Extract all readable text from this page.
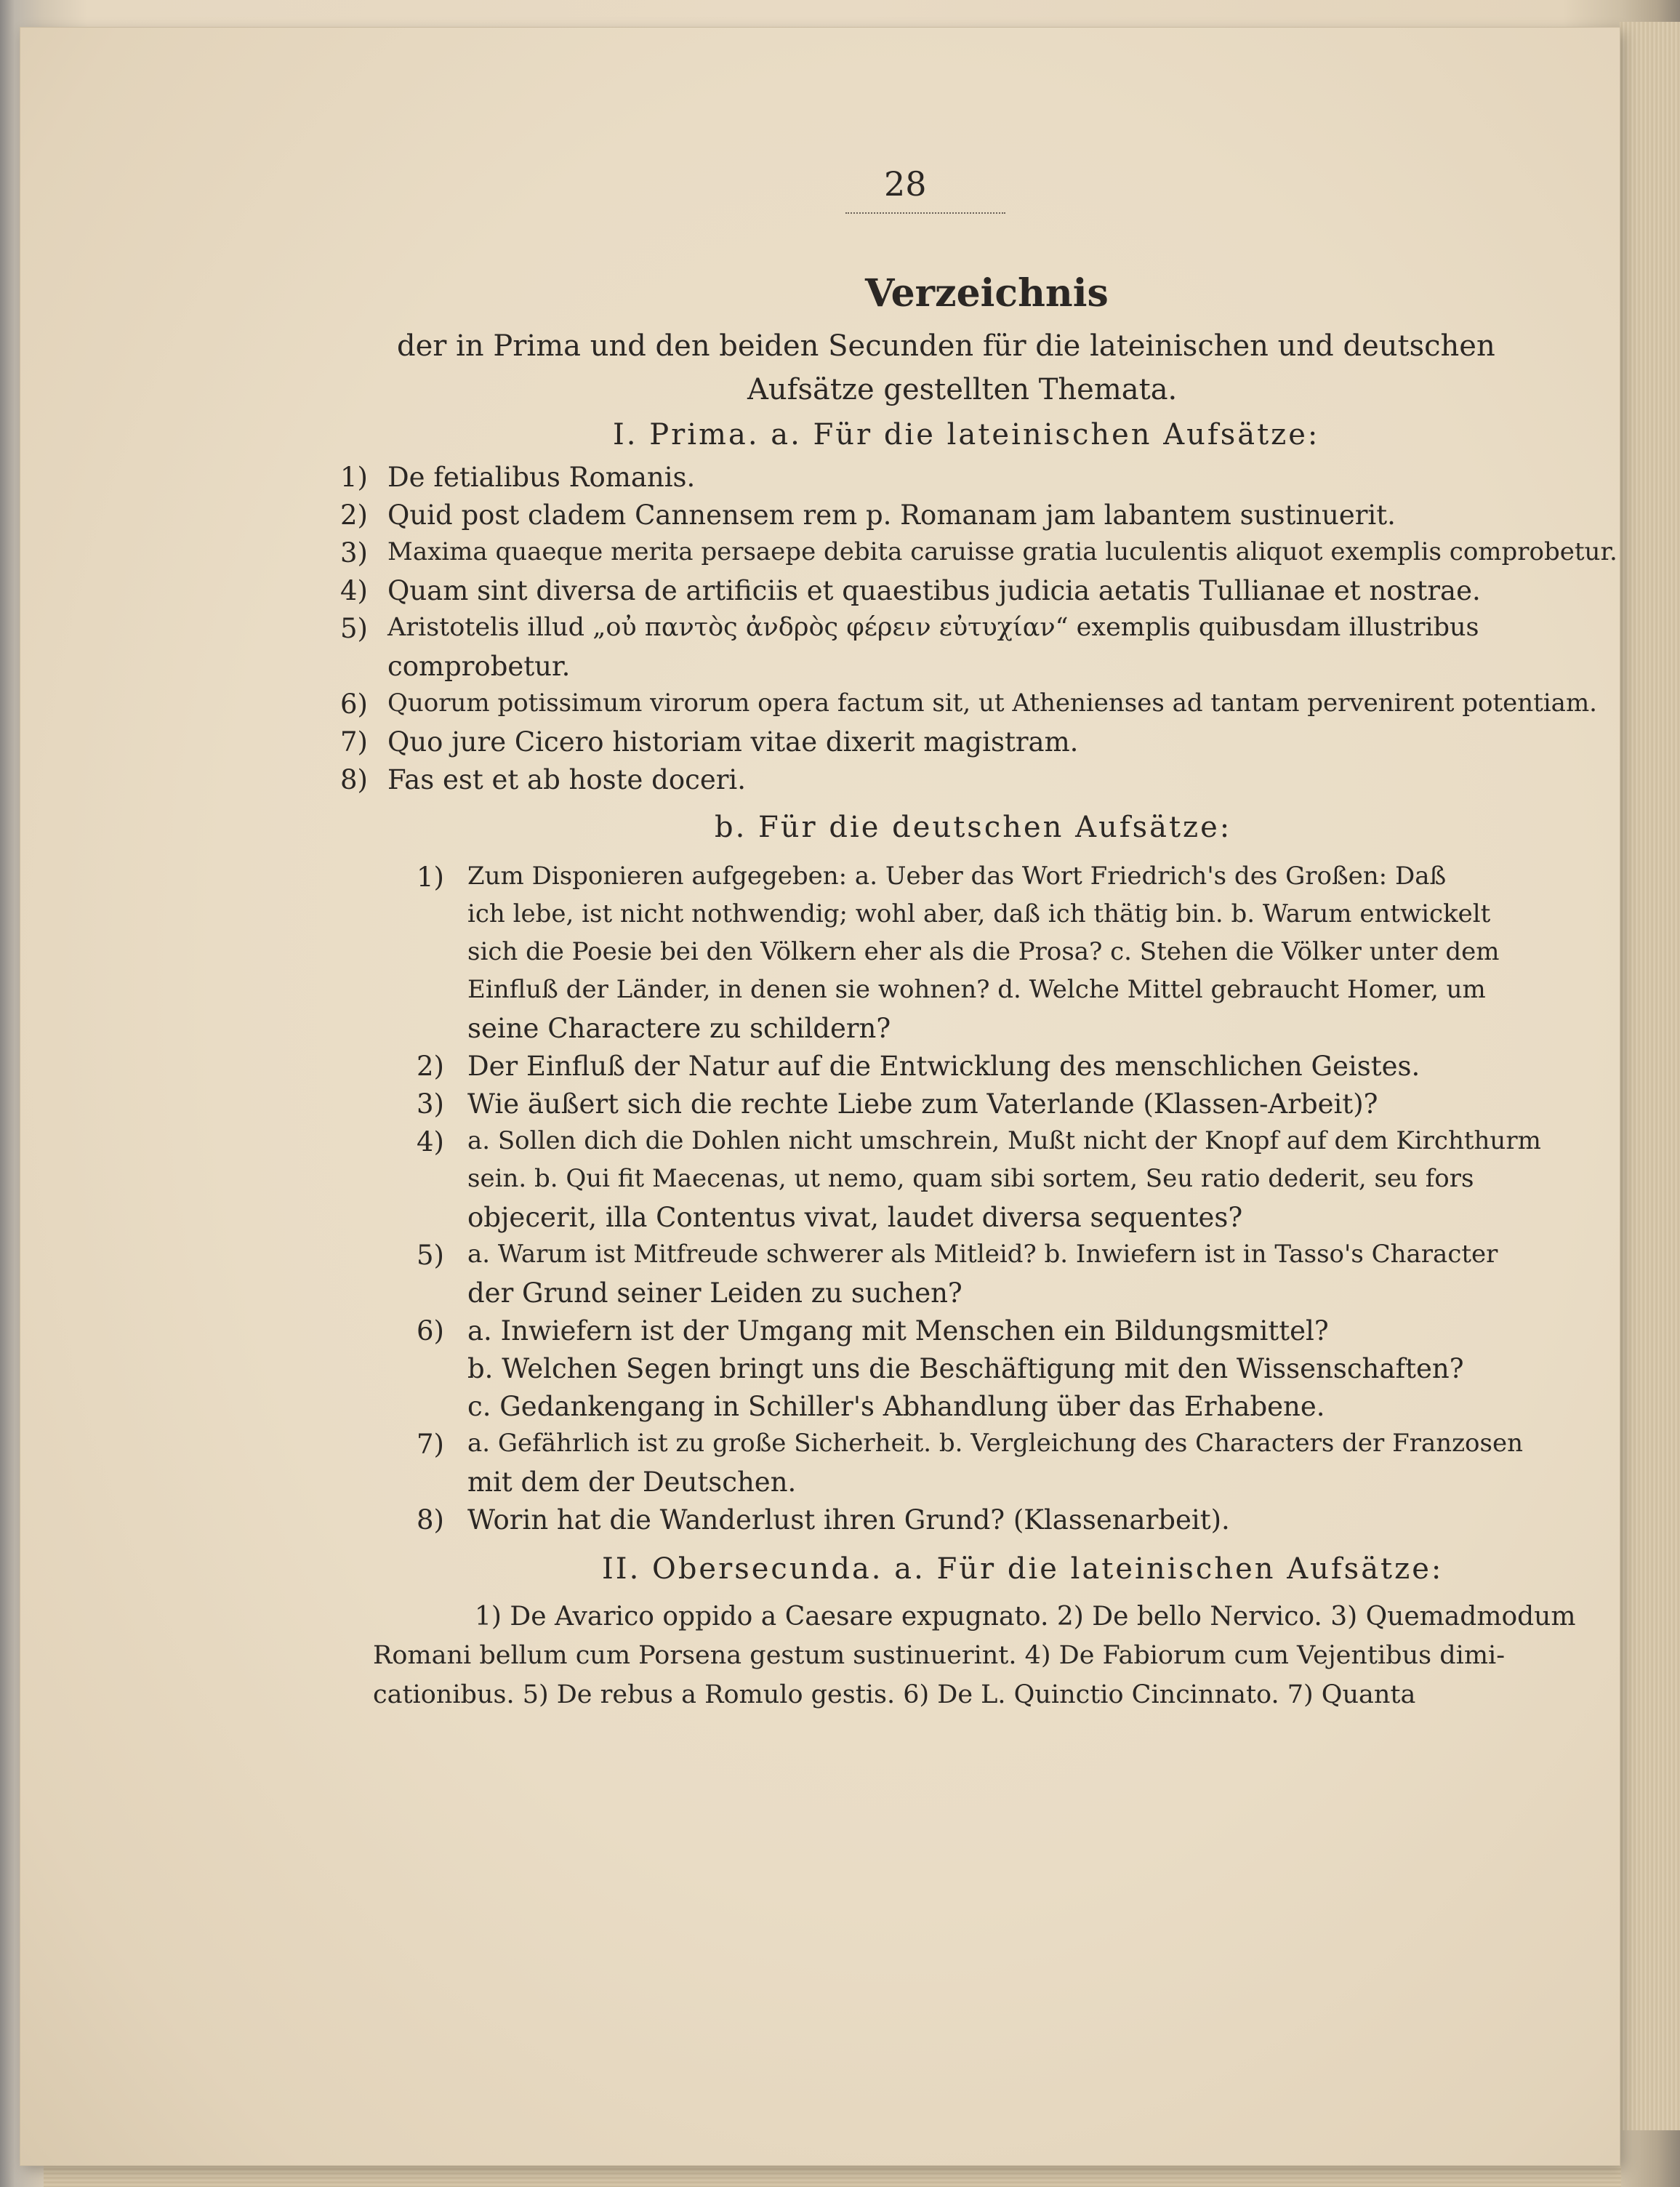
28
Verzeichnis
der in Prima und den beiden Secunden für die lateinischen und deutschen
Aufsätze gestellten Themata.
I. Prima. a. Für die lateinischen Aufsätze:
1) De fetialibus Romanis.
2) Quid post cladem Cannensem rem p. Romanam jam labantem sustinuerit.
3) Maxima quaeque merita persaepe debita caruisse gratia luculentis aliquot exemplis comprobetur.
4) Quam sint diversa de artificiis et quaestibus judicia aetatis Tullianae et nostrae.
5) Aristotelis illud „οὐ παντὸς ἀνδρὸς φέρειν εὐτυχίαν“ exemplis quibusdam illustribus
comprobetur.
6) Quorum potissimum virorum opera factum sit, ut Athenienses ad tantam pervenirent potentiam.
7) Quo jure Cicero historiam vitae dixerit magistram.
8) Fas est et ab hoste doceri.
b. Für die deutschen Aufsätze:
1) Zum Disponieren aufgegeben: a. Ueber das Wort Friedrich's des Großen: Daß
ich lebe, ist nicht nothwendig; wohl aber, daß ich thätig bin. b. Warum entwickelt
sich die Poesie bei den Völkern eher als die Prosa? c. Stehen die Völker unter dem
Einfluß der Länder, in denen sie wohnen? d. Welche Mittel gebraucht Homer, um
seine Charactere zu schildern?
2) Der Einfluß der Natur auf die Entwicklung des menschlichen Geistes.
3) Wie äußert sich die rechte Liebe zum Vaterlande (Klassen-Arbeit)?
4) a. Sollen dich die Dohlen nicht umschrein, Mußt nicht der Knopf auf dem Kirchthurm
sein. b. Qui fit Maecenas, ut nemo, quam sibi sortem, Seu ratio dederit, seu fors
objecerit, illa Contentus vivat, laudet diversa sequentes?
5) a. Warum ist Mitfreude schwerer als Mitleid? b. Inwiefern ist in Tasso's Character
der Grund seiner Leiden zu suchen?
6) a. Inwiefern ist der Umgang mit Menschen ein Bildungsmittel?
b. Welchen Segen bringt uns die Beschäftigung mit den Wissenschaften?
c. Gedankengang in Schiller's Abhandlung über das Erhabene.
7) a. Gefährlich ist zu große Sicherheit. b. Vergleichung des Characters der Franzosen
mit dem der Deutschen.
8) Worin hat die Wanderlust ihren Grund? (Klassenarbeit).
II. Obersecunda. a. Für die lateinischen Aufsätze:
1) De Avarico oppido a Caesare expugnato. 2) De bello Nervico. 3) Quemadmodum
Romani bellum cum Porsena gestum sustinuerint. 4) De Fabiorum cum Vejentibus dimi-
cationibus. 5) De rebus a Romulo gestis. 6) De L. Quinctio Cincinnato. 7) Quanta
